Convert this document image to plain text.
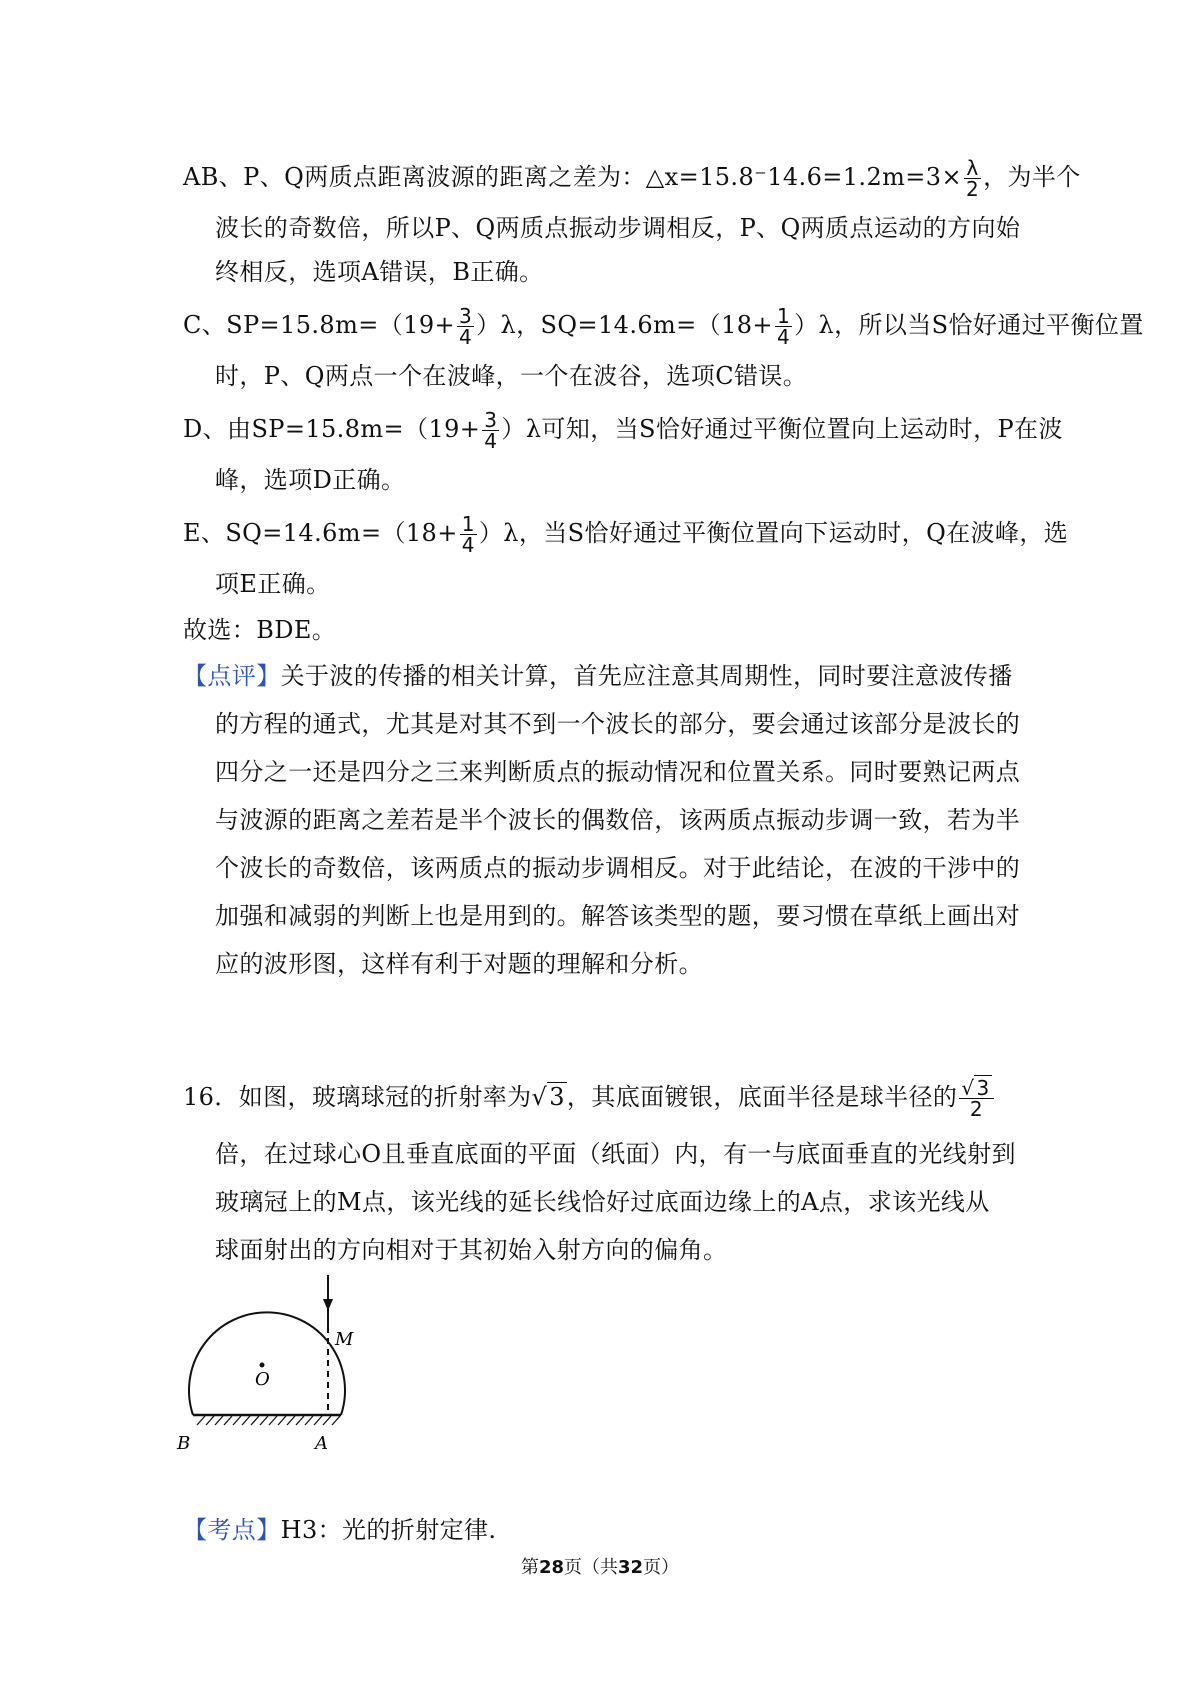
AB、P、Q两质点距离波源的距离之差为：△x=15.8⁻14.6=1.2m=3× $\frac{\lambda}{2}$ ，为半个
波长的奇数倍，所以P、Q两质点振动步调相反，P、Q两质点运动的方向始
终相反，选项A错误，B正确。
C、$SP=15.8m=(19+ \frac{3}{4} )\lambda$，$SQ=14.6m=(18+ \frac{1}{4} )\lambda$，所以当S恰好通过平衡位置
时，P、Q两点一个在波峰，一个在波谷，选项C错误。
D、由$SP=15.8m=(19+ \frac{3}{4} )\lambda$可知，当S恰好通过平衡位置向上运动时，P在波
峰，选项D正确。
E、$SQ=14.6m=(18+ \frac{1}{4} )\lambda$，当S恰好通过平衡位置向下运动时，Q在波峰，选
项E正确。
故选：BDE。
【点评】关于波的传播的相关计算，首先应注意其周期性，同时要注意波传播
的方程的通式，尤其是对其不到一个波长的部分，要会通过该部分是波长的
四分之一还是四分之三来判断质点的振动情况和位置关系。同时要熟记两点
与波源的距离之差若是半个波长的偶数倍，该两质点振动步调一致，若为半
个波长的奇数倍，该两质点的振动步调相反。对于此结论，在波的干涉中的
加强和减弱的判断上也是用到的。解答该类型的题，要习惯在草纸上画出对
应的波形图，这样有利于对题的理解和分析。
16．如图，玻璃球冠的折射率为√3，其底面镀银，底面半径是球半径的 $\frac{√ 3}{2}$
倍，在过球心O且垂直底面的平面（纸面）内，有一与底面垂直的光线射到
玻璃冠上的M点，该光线的延长线恰好过底面边缘上的A点，求该光线从
球面射出的方向相对于其初始入射方向的偏角。
M
O
B	A
【考点】H3：光的折射定律.
第28页（共32页）
